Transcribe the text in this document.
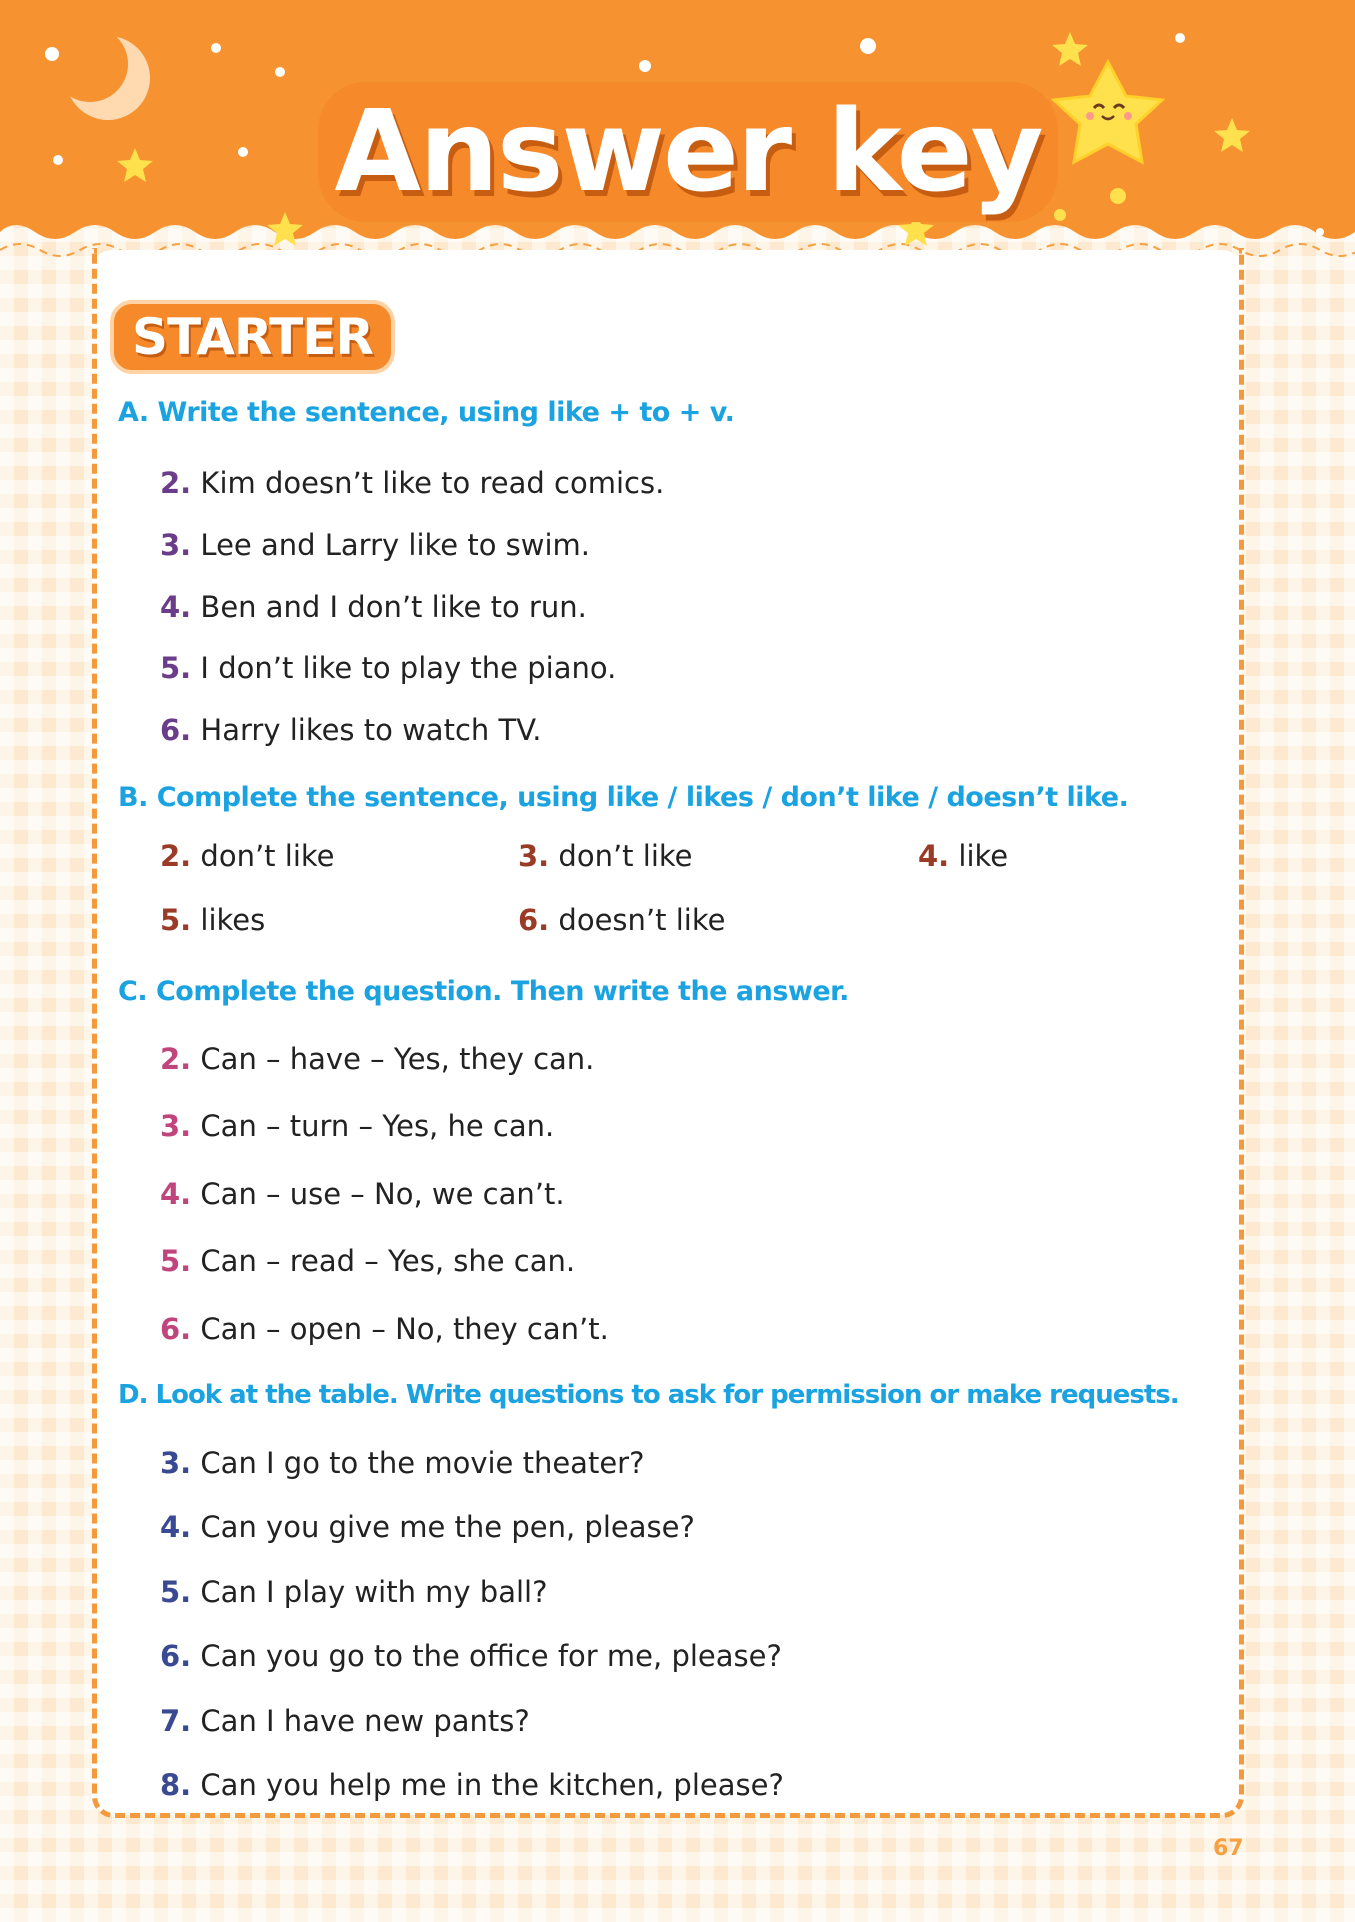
Answer key
STARTER
A. Write the sentence, using like + to + v.
2. Kim doesn’t like to read comics.
3. Lee and Larry like to swim.
4. Ben and I don’t like to run.
5. I don’t like to play the piano.
6. Harry likes to watch TV.
B. Complete the sentence, using like / likes / don’t like / doesn’t like.
2. don’t like	3. don’t like	4. like
5. likes	6. doesn’t like
C. Complete the question. Then write the answer.
2. Can – have – Yes, they can.
3. Can – turn – Yes, he can.
4. Can – use – No, we can’t.
5. Can – read – Yes, she can.
6. Can – open – No, they can’t.
D. Look at the table. Write questions to ask for permission or make requests.
3. Can I go to the movie theater?
4. Can you give me the pen, please?
5. Can I play with my ball?
6. Can you go to the office for me, please?
7. Can I have new pants?
8. Can you help me in the kitchen, please?
67
